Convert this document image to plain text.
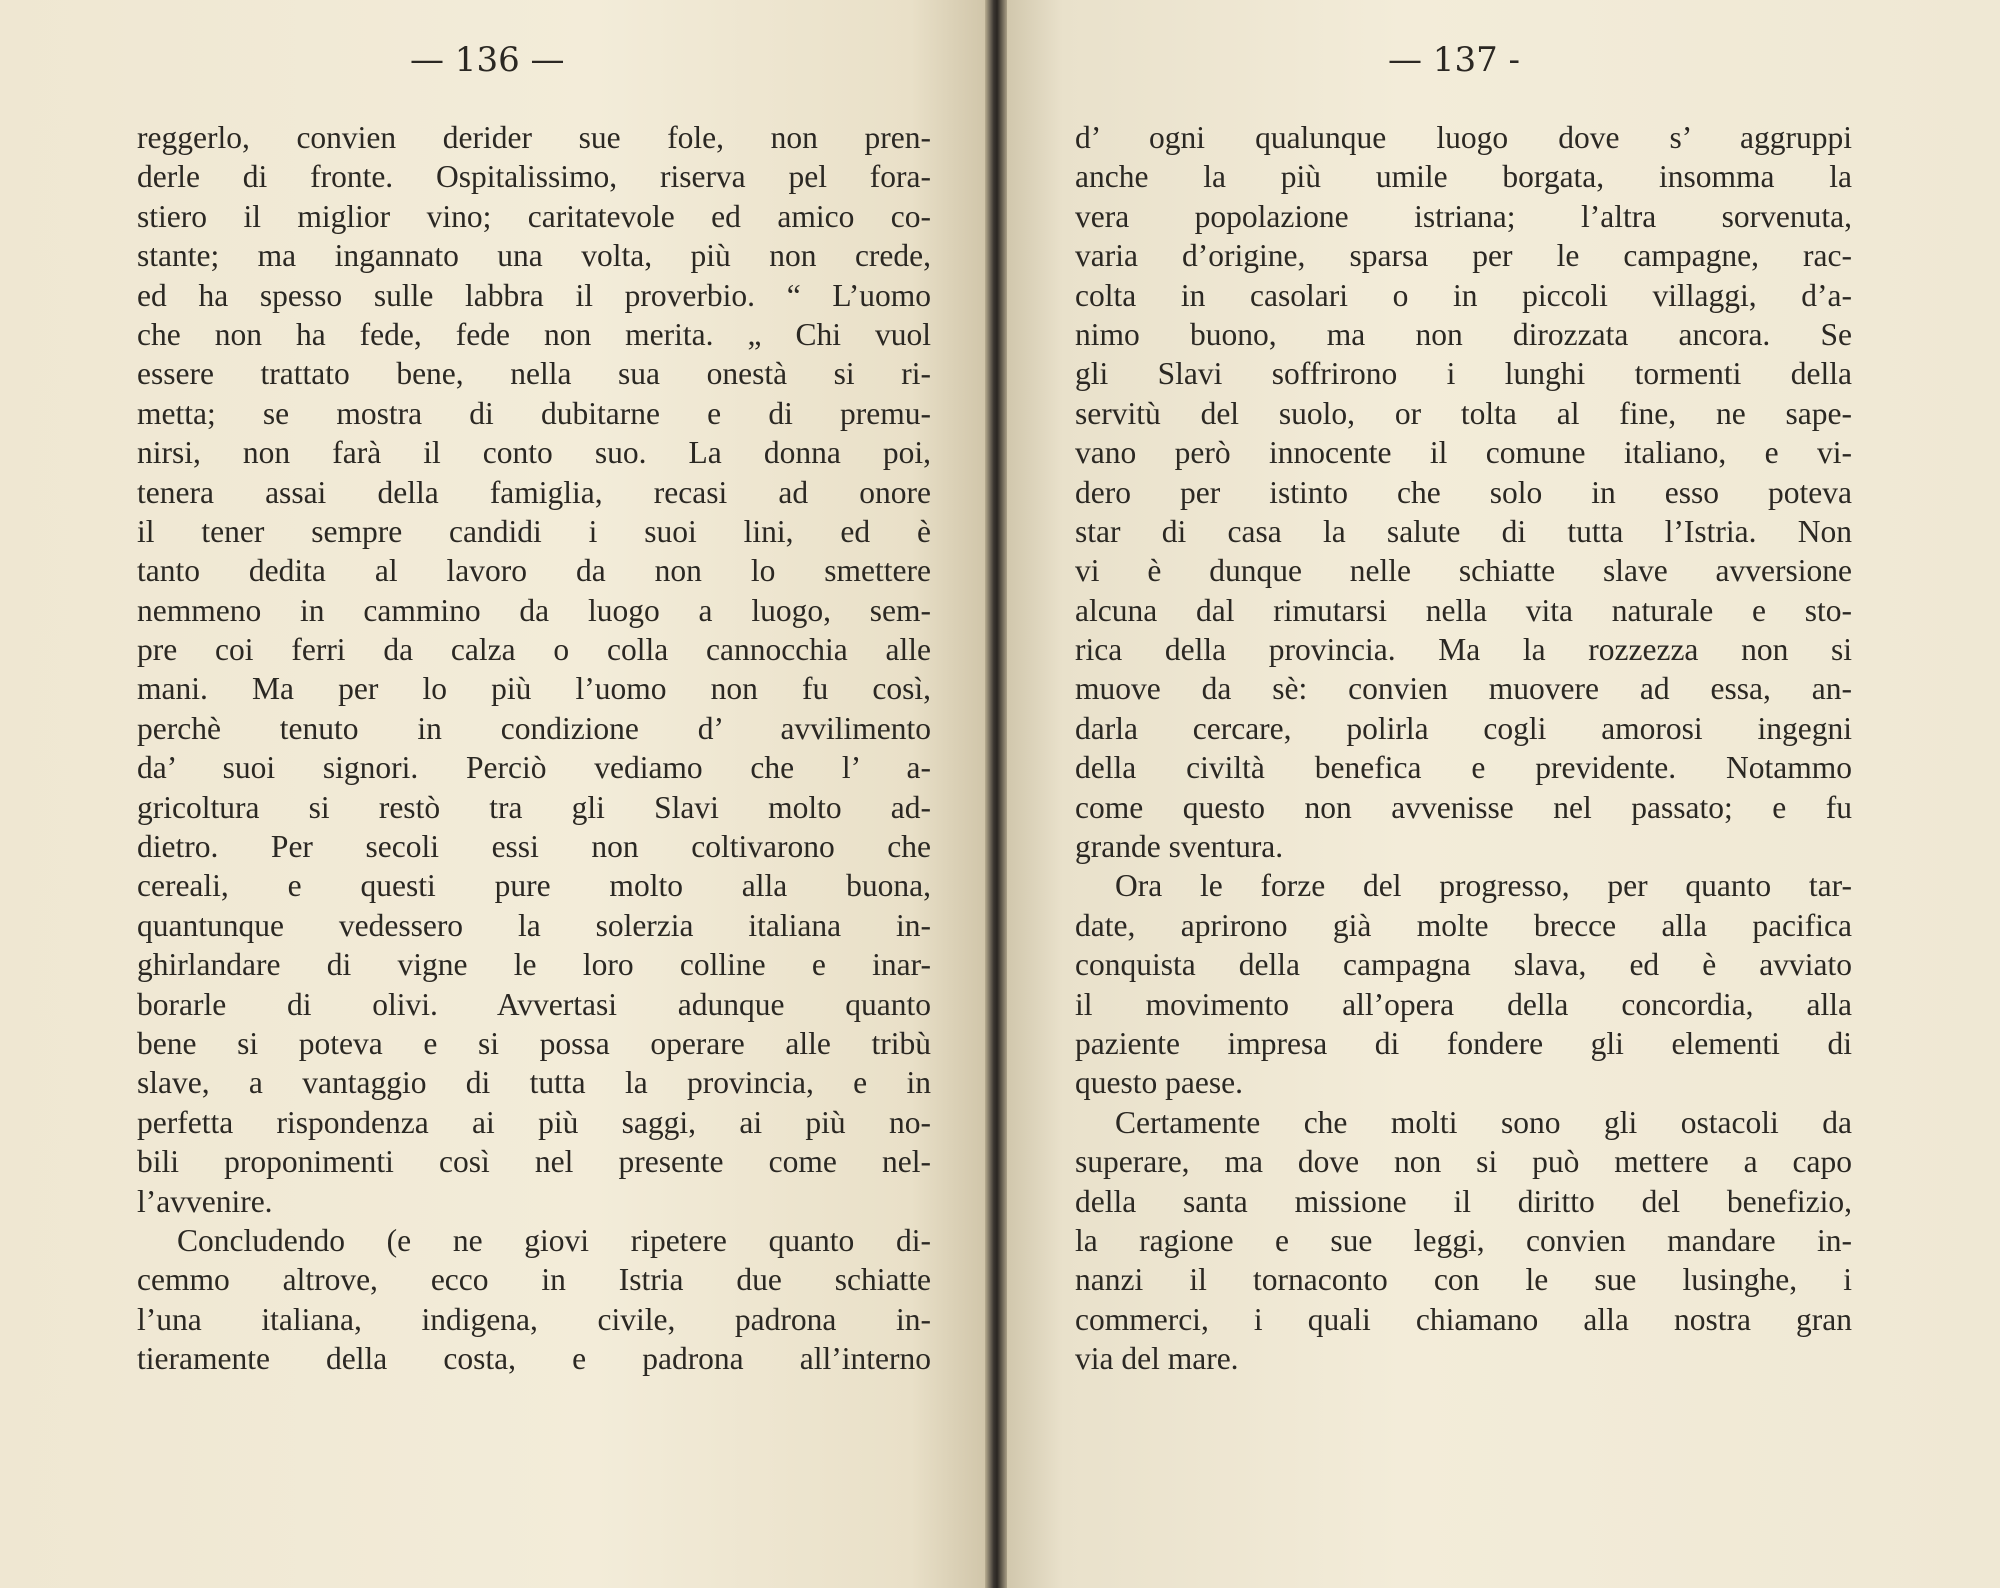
— 136 —
reggerlo, convien derider sue fole, non pren-
derle di fronte. Ospitalissimo, riserva pel fora-
stiero il miglior vino; caritatevole ed amico co-
stante; ma ingannato una volta, più non crede,
ed ha spesso sulle labbra il proverbio. “ L’uomo
che non ha fede, fede non merita. „ Chi vuol
essere trattato bene, nella sua onestà si ri-
metta; se mostra di dubitarne e di premu-
nirsi, non farà il conto suo. La donna poi,
tenera assai della famiglia, recasi ad onore
il tener sempre candidi i suoi lini, ed è
tanto dedita al lavoro da non lo smettere
nemmeno in cammino da luogo a luogo, sem-
pre coi ferri da calza o colla cannocchia alle
mani. Ma per lo più l’uomo non fu così,
perchè tenuto in condizione d’ avvilimento
da’ suoi signori. Perciò vediamo che l’ a-
gricoltura si restò tra gli Slavi molto ad-
dietro. Per secoli essi non coltivarono che
cereali, e questi pure molto alla buona,
quantunque vedessero la solerzia italiana in-
ghirlandare di vigne le loro colline e inar-
borarle di olivi. Avvertasi adunque quanto
bene si poteva e si possa operare alle tribù
slave, a vantaggio di tutta la provincia, e in
perfetta rispondenza ai più saggi, ai più no-
bili proponimenti così nel presente come nel-
l’avvenire.
Concludendo (e ne giovi ripetere quanto di-
cemmo altrove, ecco in Istria due schiatte
l’una italiana, indigena, civile, padrona in-
tieramente della costa, e padrona all’interno
— 137 -
d’ ogni qualunque luogo dove s’ aggruppi
anche la più umile borgata, insomma la
vera popolazione istriana; l’altra sorvenuta,
varia d’origine, sparsa per le campagne, rac-
colta in casolari o in piccoli villaggi, d’a-
nimo buono, ma non dirozzata ancora. Se
gli Slavi soffrirono i lunghi tormenti della
servitù del suolo, or tolta al fine, ne sape-
vano però innocente il comune italiano, e vi-
dero per istinto che solo in esso poteva
star di casa la salute di tutta l’Istria. Non
vi è dunque nelle schiatte slave avversione
alcuna dal rimutarsi nella vita naturale e sto-
rica della provincia. Ma la rozzezza non si
muove da sè: convien muovere ad essa, an-
darla cercare, polirla cogli amorosi ingegni
della civiltà benefica e previdente. Notammo
come questo non avvenisse nel passato; e fu
grande sventura.
Ora le forze del progresso, per quanto tar-
date, aprirono già molte brecce alla pacifica
conquista della campagna slava, ed è avviato
il movimento all’opera della concordia, alla
paziente impresa di fondere gli elementi di
questo paese.
Certamente che molti sono gli ostacoli da
superare, ma dove non si può mettere a capo
della santa missione il diritto del benefizio,
la ragione e sue leggi, convien mandare in-
nanzi il tornaconto con le sue lusinghe, i
commerci, i quali chiamano alla nostra gran
via del mare.
